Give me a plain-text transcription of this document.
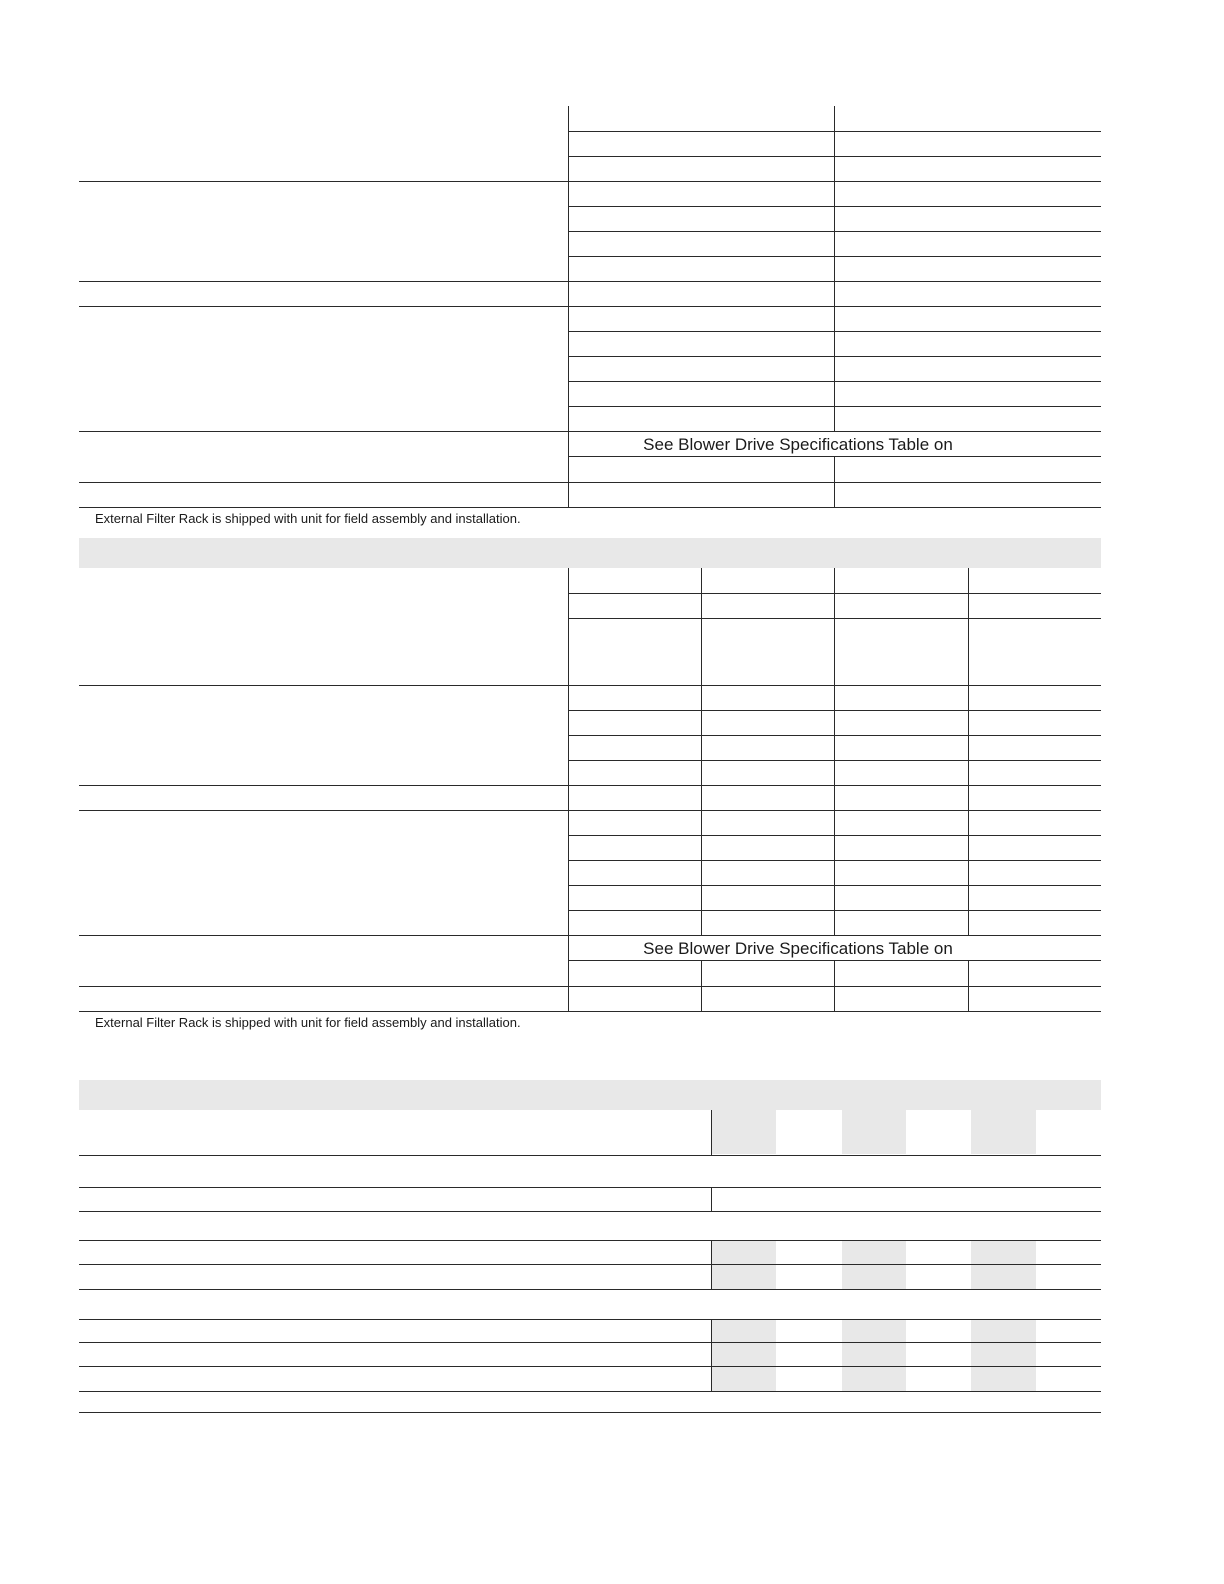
See Blower Drive Specifications Table on
External Filter Rack is shipped with unit for field assembly and installation.
See Blower Drive Specifications Table on
External Filter Rack is shipped with unit for field assembly and installation.
